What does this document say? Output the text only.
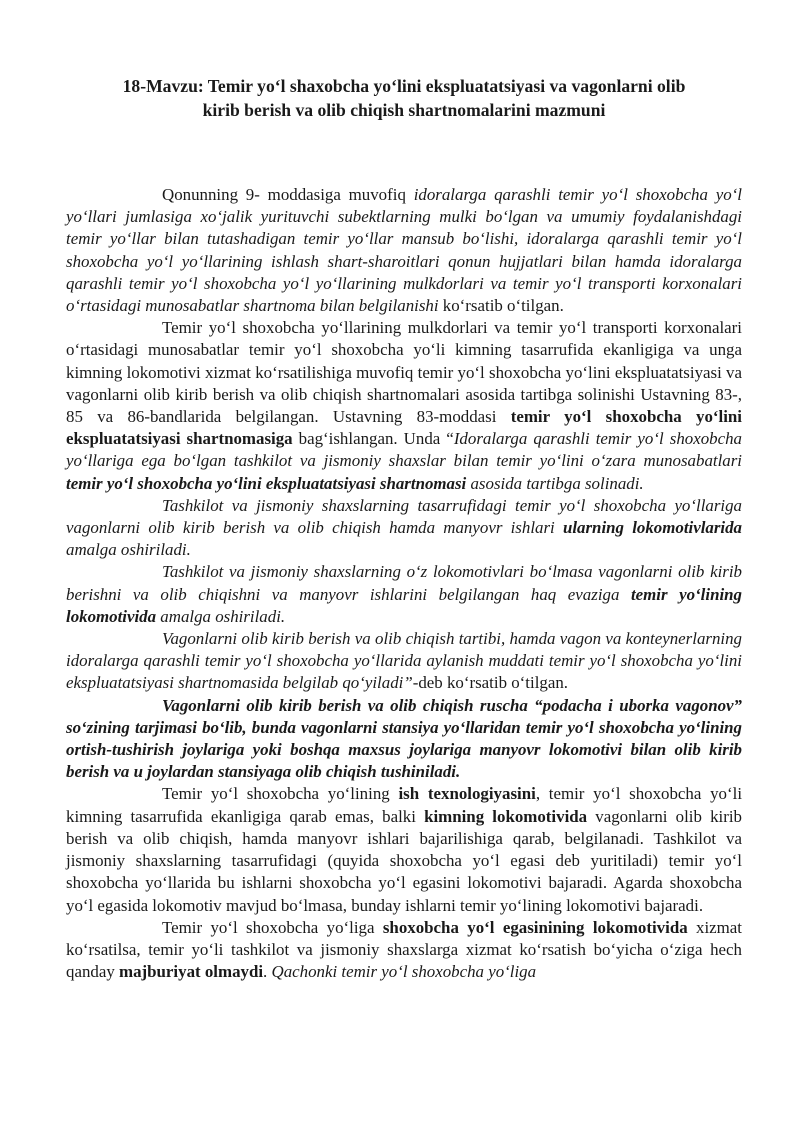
18-Mavzu: Temir yo‘l shaxobcha yo‘lini ekspluatatsiyasi va vagonlarni olib
kirib berish va olib chiqish shartnomalarini mazmuni

Qonunning 9- moddasiga muvofiq idoralarga qarashli temir yo‘l shoxobcha yo‘l yo‘llari jumlasiga xo‘jalik yurituvchi subektlarning mulki bo‘lgan va umumiy foydalanishdagi temir yo‘llar bilan tutashadigan temir yo‘llar mansub bo‘lishi, idoralarga qarashli temir yo‘l shoxobcha yo‘l yo‘llarining ishlash shart-sharoitlari qonun hujjatlari bilan hamda idoralarga qarashli temir yo‘l shoxobcha yo‘l yo‘llarining mulkdorlari va temir yo‘l transporti korxonalari o‘rtasidagi munosabatlar shartnoma bilan belgilanishi ko‘rsatib o‘tilgan.

Temir yo‘l shoxobcha yo‘llarining mulkdorlari va temir yo‘l transporti korxonalari o‘rtasidagi munosabatlar temir yo‘l shoxobcha yo‘li kimning tasarrufida ekanligiga va unga kimning lokomotivi xizmat ko‘rsatilishiga muvofiq temir yo‘l shoxobcha yo‘lini ekspluatatsiyasi va vagonlarni olib kirib berish va olib chiqish shartnomalari asosida tartibga solinishi Ustavning 83-, 85 va 86-bandlarida belgilangan. Ustavning 83-moddasi temir yo‘l shoxobcha yo‘lini ekspluatatsiyasi shartnomasiga bag‘ishlangan. Unda “Idoralarga qarashli temir yo‘l shoxobcha yo‘llariga ega bo‘lgan tashkilot va jismoniy shaxslar bilan temir yo‘lini o‘zara munosabatlari temir yo‘l shoxobcha yo‘lini ekspluatatsiyasi shartnomasi asosida tartibga solinadi.

Tashkilot va jismoniy shaxslarning tasarrufidagi temir yo‘l shoxobcha yo‘llariga vagonlarni olib kirib berish va olib chiqish hamda manyovr ishlari ularning lokomotivlarida amalga oshiriladi.

Tashkilot va jismoniy shaxslarning o‘z lokomotivlari bo‘lmasa vagonlarni olib kirib berishni va olib chiqishni va manyovr ishlarini belgilangan haq evaziga temir yo‘lining lokomotivida amalga oshiriladi.

Vagonlarni olib kirib berish va olib chiqish tartibi, hamda vagon va konteynerlarning idoralarga qarashli temir yo‘l shoxobcha yo‘llarida aylanish muddati temir yo‘l shoxobcha yo‘lini ekspluatatsiyasi shartnomasida belgilab qo‘yiladi”-deb ko‘rsatib o‘tilgan.

Vagonlarni olib kirib berish va olib chiqish ruscha “podacha i uborka vagonov” so‘zining tarjimasi bo‘lib, bunda vagonlarni stansiya yo‘llaridan temir yo‘l shoxobcha yo‘lining ortish-tushirish joylariga yoki boshqa maxsus joylariga manyovr lokomotivi bilan olib kirib berish va u joylardan stansiyaga olib chiqish tushiniladi.

Temir yo‘l shoxobcha yo‘lining ish texnologiyasini, temir yo‘l shoxobcha yo‘li kimning tasarrufida ekanligiga qarab emas, balki kimning lokomotivida vagonlarni olib kirib berish va olib chiqish, hamda manyovr ishlari bajarilishiga qarab, belgilanadi. Tashkilot va jismoniy shaxslarning tasarrufidagi (quyida shoxobcha yo‘l egasi deb yuritiladi) temir yo‘l shoxobcha yo‘llarida bu ishlarni shoxobcha yo‘l egasini lokomotivi bajaradi. Agarda shoxobcha yo‘l egasida lokomotiv mavjud bo‘lmasa, bunday ishlarni temir yo‘lining lokomotivi bajaradi.

Temir yo‘l shoxobcha yo‘liga shoxobcha yo‘l egasinining lokomotivida xizmat ko‘rsatilsa, temir yo‘li tashkilot va jismoniy shaxslarga xizmat ko‘rsatish bo‘yicha o‘ziga hech qanday majburiyat olmaydi. Qachonki temir yo‘l shoxobcha yo‘liga
